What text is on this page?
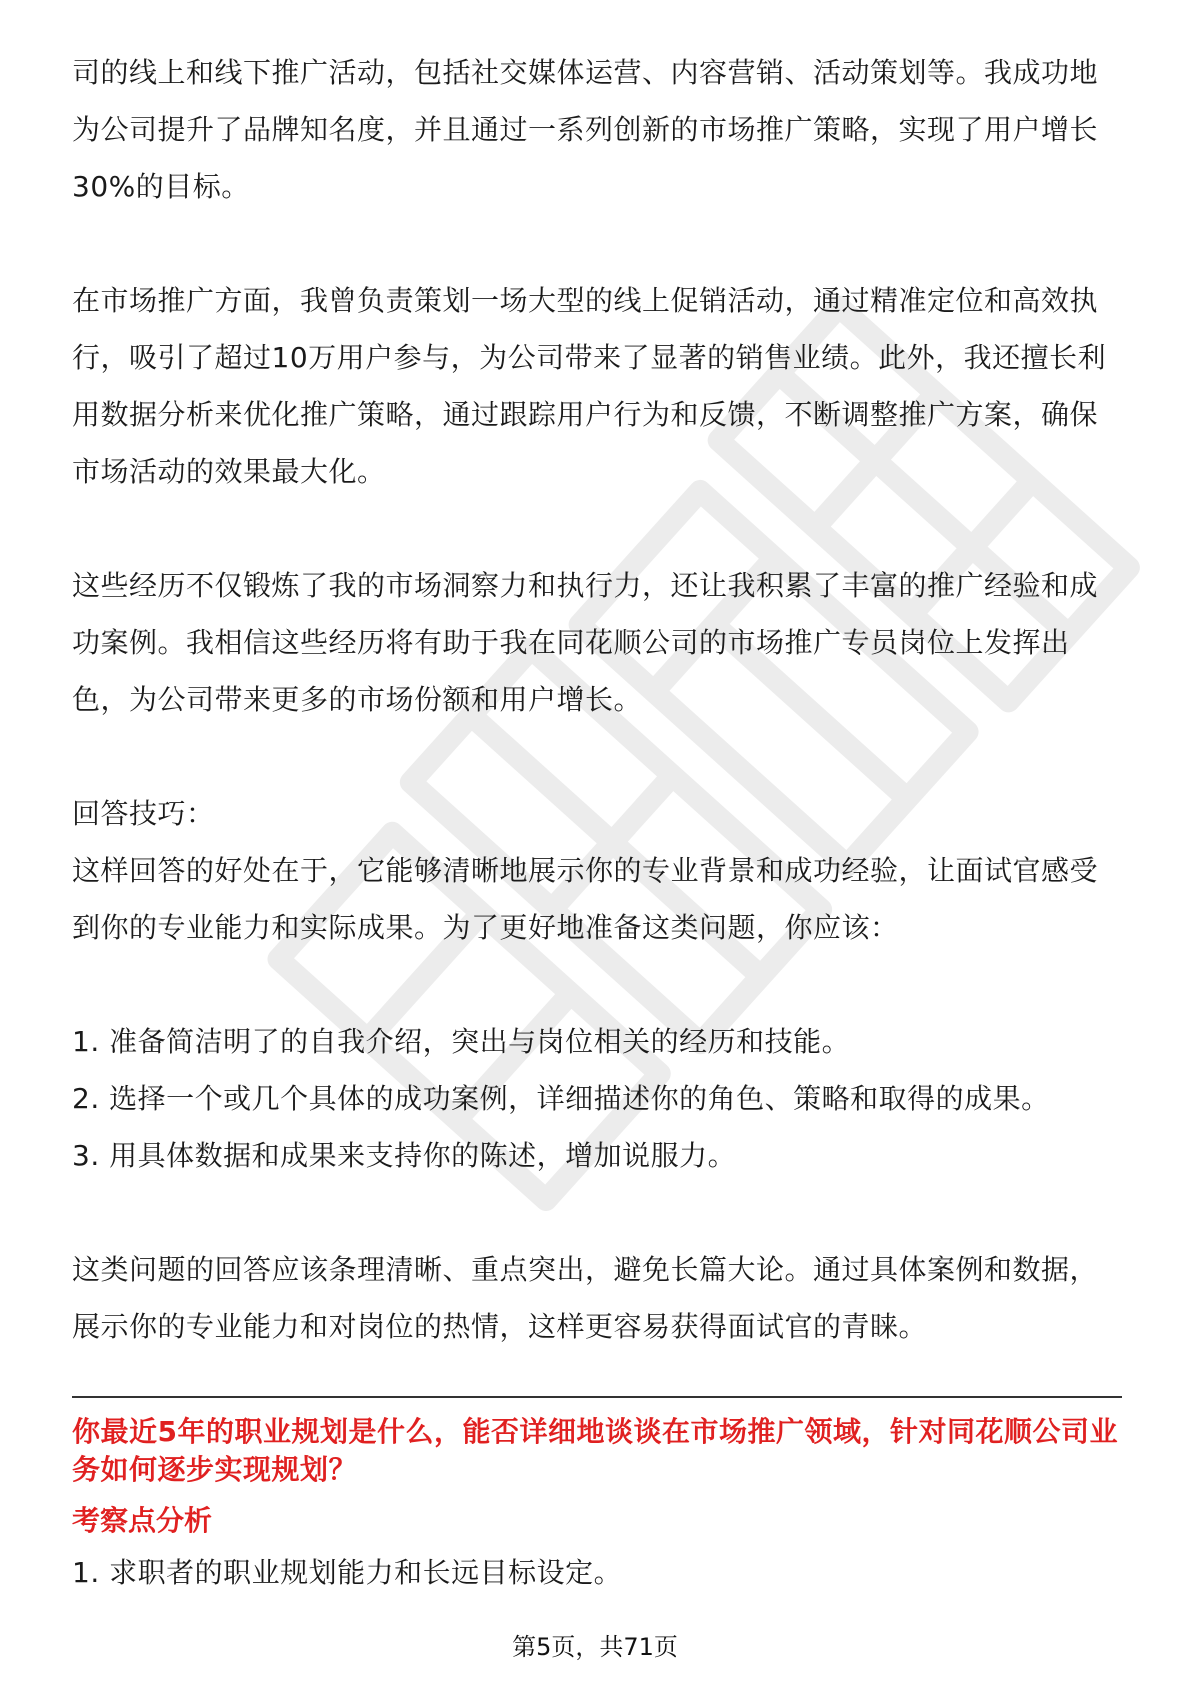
司的线上和线下推广活动，包括社交媒体运营、内容营销、活动策划等。我成功地为公司提升了品牌知名度，并且通过一系列创新的市场推广策略，实现了用户增长30%的目标。

在市场推广方面，我曾负责策划一场大型的线上促销活动，通过精准定位和高效执行，吸引了超过10万用户参与，为公司带来了显著的销售业绩。此外，我还擅长利用数据分析来优化推广策略，通过跟踪用户行为和反馈，不断调整推广方案，确保市场活动的效果最大化。

这些经历不仅锻炼了我的市场洞察力和执行力，还让我积累了丰富的推广经验和成功案例。我相信这些经历将有助于我在同花顺公司的市场推广专员岗位上发挥出色，为公司带来更多的市场份额和用户增长。

回答技巧：

这样回答的好处在于，它能够清晰地展示你的专业背景和成功经验，让面试官感受到你的专业能力和实际成果。为了更好地准备这类问题，你应该：

1. 准备简洁明了的自我介绍，突出与岗位相关的经历和技能。

2. 选择一个或几个具体的成功案例，详细描述你的角色、策略和取得的成果。

3. 用具体数据和成果来支持你的陈述，增加说服力。

这类问题的回答应该条理清晰、重点突出，避免长篇大论。通过具体案例和数据，展示你的专业能力和对岗位的热情，这样更容易获得面试官的青睐。

你最近5年的职业规划是什么，能否详细地谈谈在市场推广领域，针对同花顺公司业务如何逐步实现规划？

考察点分析

1. 求职者的职业规划能力和长远目标设定。

第5页，共71页
